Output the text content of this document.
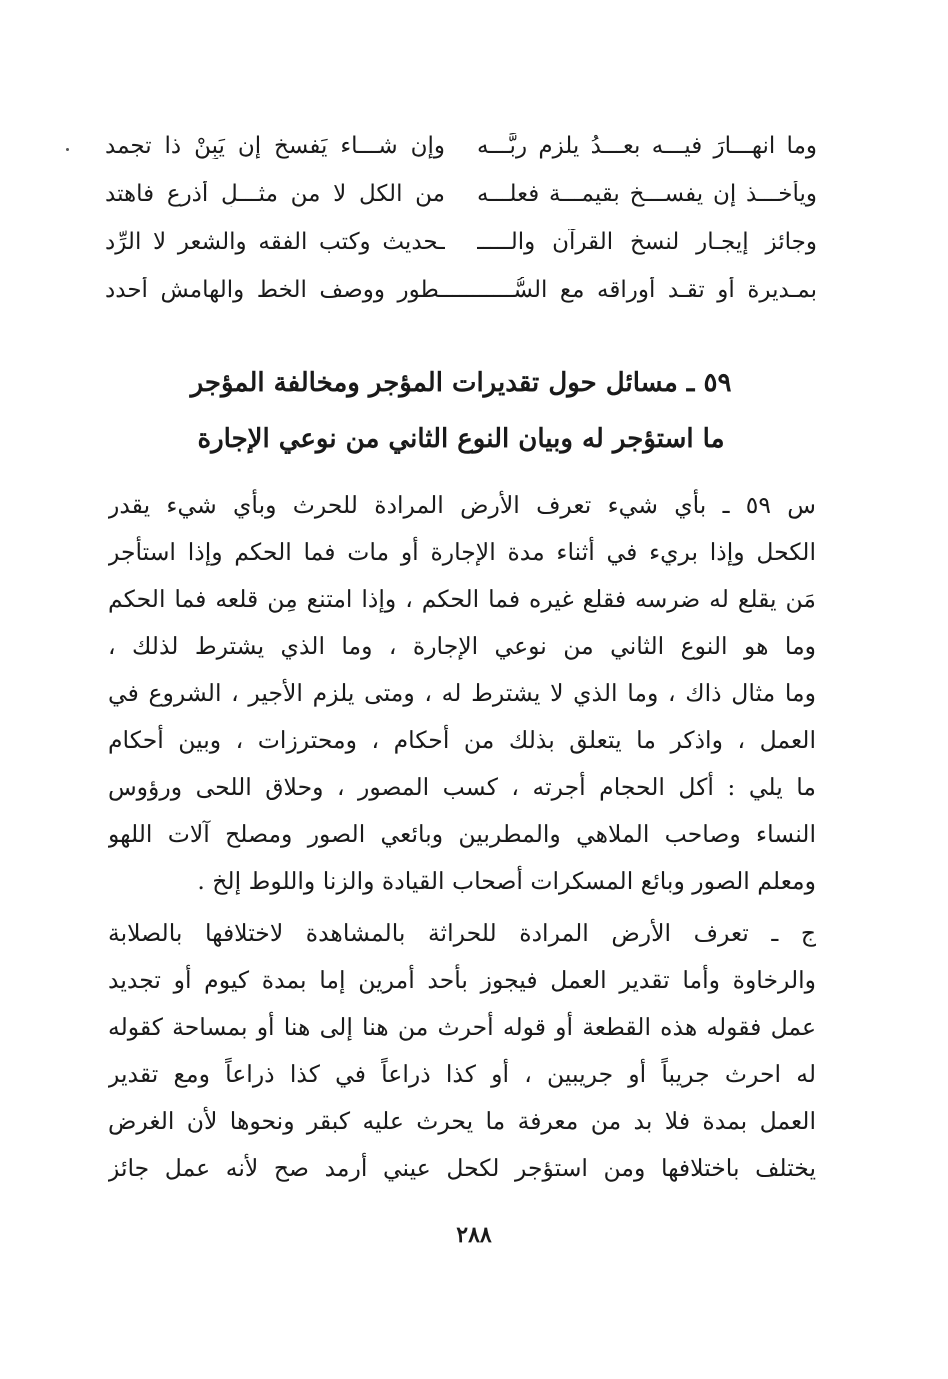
وما انهـــارَ فيـــه بعـــدُ يلزم ربَّـــه
وإن شـــاء يَفسخ إن يَبِنْ ذا تجمد
ويأخـــذ إن يفســـخ بقيمـــة فعلـــه
من الكل لا من مثـــلِ أذرع فاهتد
وجائز إيجـار لنسخ القرآن والـــــ
ـحديث وكتب الفقه والشعر لا الرِّد
بمـديرة أو تقـد أوراقه مع السُّـــــــــــطور ووصف الخط والهامش أحدد
٥٩ ـ مسائل حول تقديرات المؤجر ومخالفة المؤجر
ما استؤجر له وبيان النوع الثاني من نوعي الإجارة
س ٥٩ ـ بأي شيء تعرف الأرض المرادة للحرث وبأي شيء يقدر
الكحل وإذا بريء في أثناء مدة الإجارة أو مات فما الحكم وإذا استأجر
مَن يقلع له ضرسه فقلع غيره فما الحكم ، وإذا امتنع مِن قلعه فما الحكم
وما هو النوع الثاني من نوعي الإجارة ، وما الذي يشترط لذلك ،
وما مثال ذاك ، وما الذي لا يشترط له ، ومتى يلزم الأجير ، الشروع في
العمل ، واذكر ما يتعلق بذلك من أحكام ، ومحترزات ، وبين أحكام
ما يلي : أكل الحجام أجرته ، كسب المصور ، وحلاق اللحى ورؤوس
النساء وصاحب الملاهي والمطربين وبائعي الصور ومصلح آلات اللهو
ومعلم الصور وبائع المسكرات أصحاب القيادة والزنا واللوط إلخ .
ج ـ تعرف الأرض المرادة للحراثة بالمشاهدة لاختلافها بالصلابة
والرخاوة وأما تقدير العمل فيجوز بأحد أمرين إما بمدة كيوم أو تجديد
عمل فقوله هذه القطعة أو قوله أحرث من هنا إلى هنا أو بمساحة كقوله
له احرث جريباً أو جريبين ، أو كذا ذراعاً في كذا ذراعاً ومع تقدير
العمل بمدة فلا بد من معرفة ما يحرث عليه كبقر ونحوها لأن الغرض
يختلف باختلافها ومن استؤجر لكحل عيني أرمد صح لأنه عمل جائز
٢٨٨
